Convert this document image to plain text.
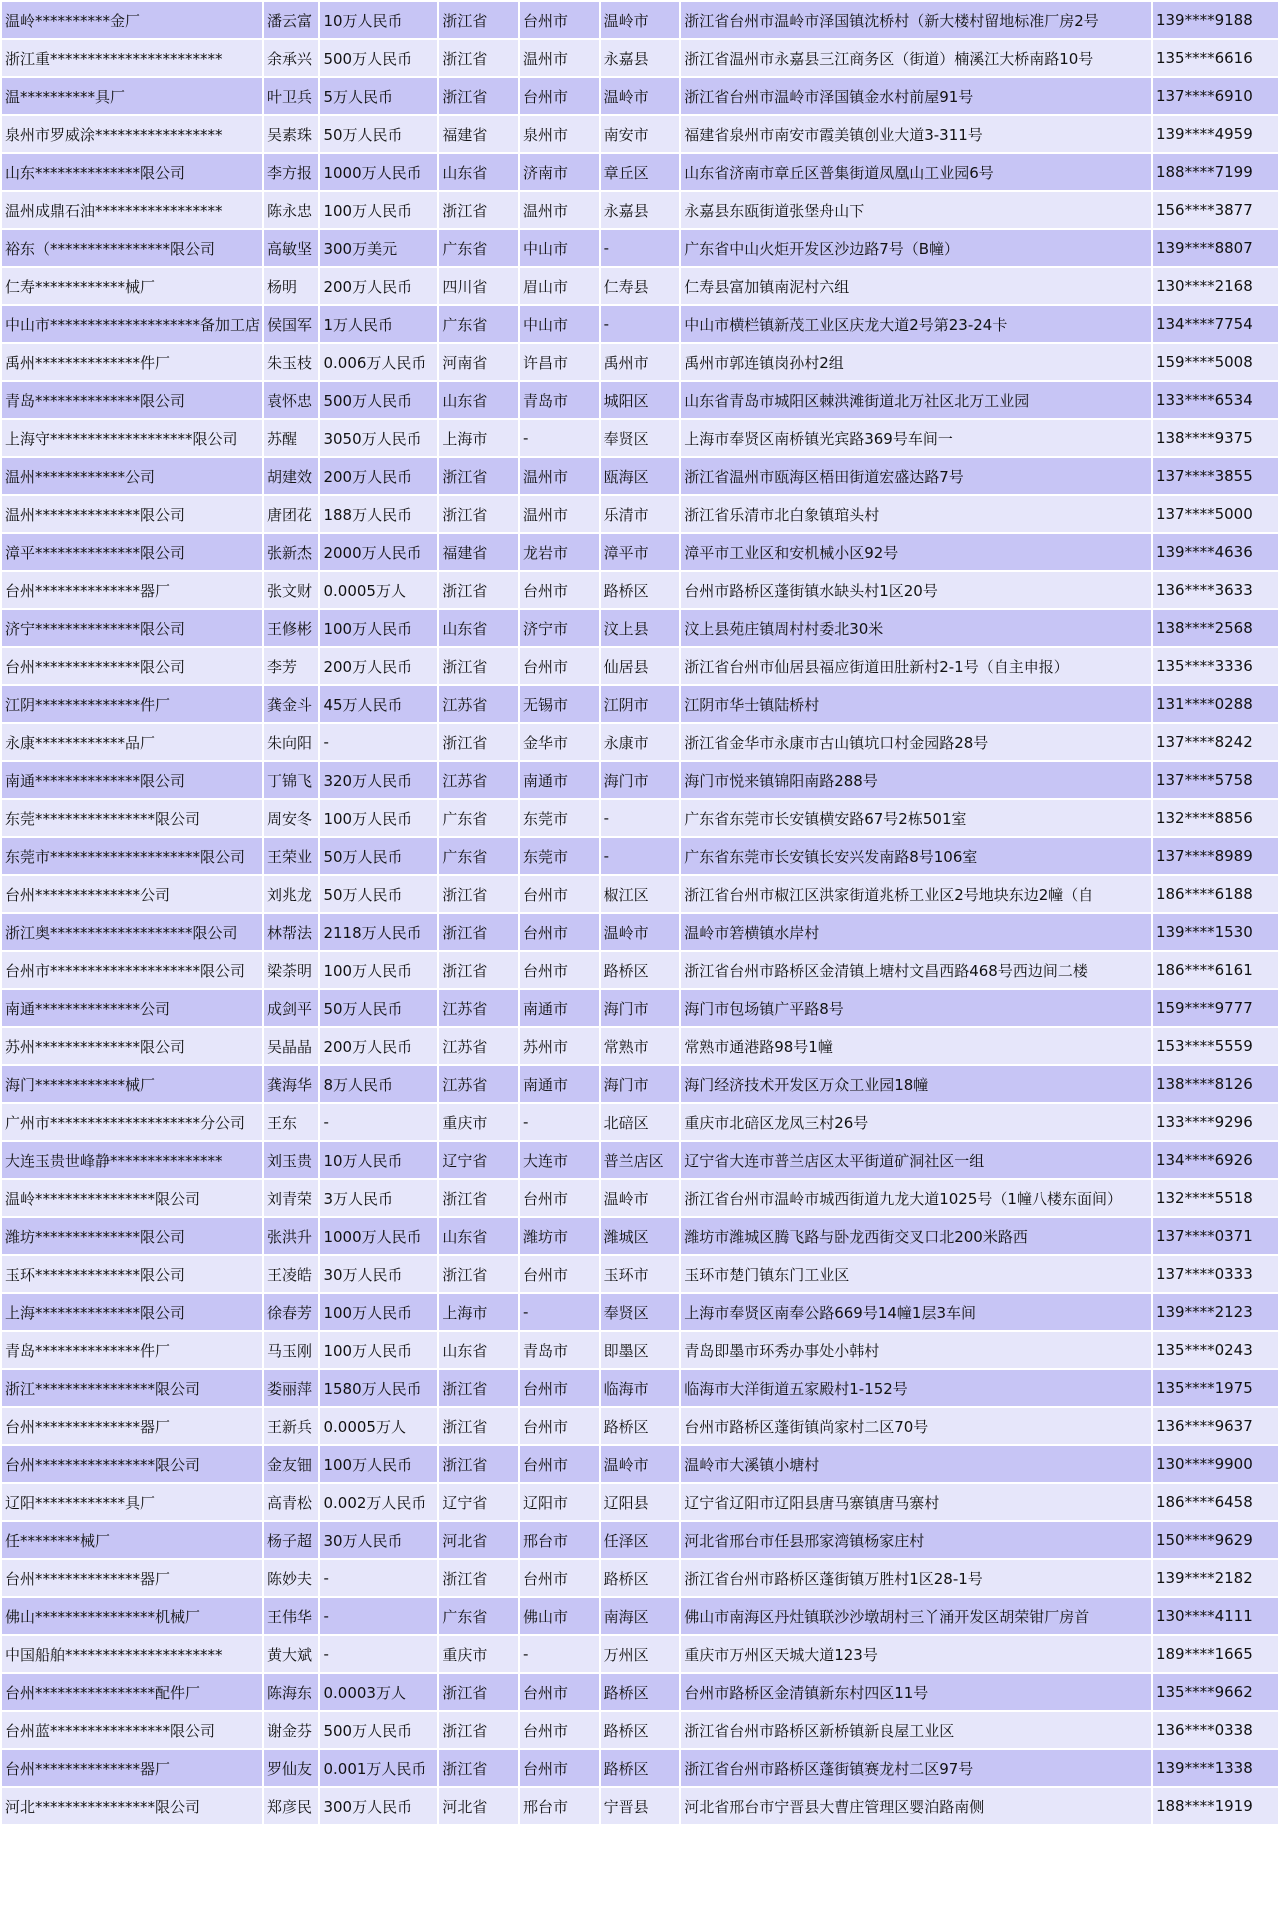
温岭**********金厂	潘云富	10万人民币	浙江省	台州市	温岭市	浙江省台州市温岭市泽国镇沈桥村（新大楼村留地标准厂房2号	139****9188
浙江重***********************	余承兴	500万人民币	浙江省	温州市	永嘉县	浙江省温州市永嘉县三江商务区（街道）楠溪江大桥南路10号	135****6616
温**********具厂	叶卫兵	5万人民币	浙江省	台州市	温岭市	浙江省台州市温岭市泽国镇金水村前屋91号	137****6910
泉州市罗威涂*****************	吴素珠	50万人民币	福建省	泉州市	南安市	福建省泉州市南安市霞美镇创业大道3-311号	139****4959
山东**************限公司	李方报	1000万人民币	山东省	济南市	章丘区	山东省济南市章丘区普集街道凤凰山工业园6号	188****7199
温州成鼎石油*****************	陈永忠	100万人民币	浙江省	温州市	永嘉县	永嘉县东瓯街道张堡舟山下	156****3877
裕东（****************限公司	高敏坚	300万美元	广东省	中山市	-	广东省中山火炬开发区沙边路7号（B幢）	139****8807
仁寿************械厂	杨明	200万人民币	四川省	眉山市	仁寿县	仁寿县富加镇南泥村六组	130****2168
中山市********************备加工店	侯国军	1万人民币	广东省	中山市	-	中山市横栏镇新茂工业区庆龙大道2号第23-24卡	134****7754
禹州**************件厂	朱玉枝	0.006万人民币	河南省	许昌市	禹州市	禹州市郭连镇岗孙村2组	159****5008
青岛**************限公司	袁怀忠	500万人民币	山东省	青岛市	城阳区	山东省青岛市城阳区棘洪滩街道北万社区北万工业园	133****6534
上海守*******************限公司	苏醒	3050万人民币	上海市	-	奉贤区	上海市奉贤区南桥镇光宾路369号车间一	138****9375
温州************公司	胡建效	200万人民币	浙江省	温州市	瓯海区	浙江省温州市瓯海区梧田街道宏盛达路7号	137****3855
温州**************限公司	唐团花	188万人民币	浙江省	温州市	乐清市	浙江省乐清市北白象镇琯头村	137****5000
漳平**************限公司	张新杰	2000万人民币	福建省	龙岩市	漳平市	漳平市工业区和安机械小区92号	139****4636
台州**************器厂	张文财	0.0005万人	浙江省	台州市	路桥区	台州市路桥区蓬街镇水缺头村1区20号	136****3633
济宁**************限公司	王修彬	100万人民币	山东省	济宁市	汶上县	汶上县苑庄镇周村村委北30米	138****2568
台州**************限公司	李芳	200万人民币	浙江省	台州市	仙居县	浙江省台州市仙居县福应街道田肚新村2-1号（自主申报）	135****3336
江阴**************件厂	龚金斗	45万人民币	江苏省	无锡市	江阴市	江阴市华士镇陆桥村	131****0288
永康************品厂	朱向阳	-	浙江省	金华市	永康市	浙江省金华市永康市古山镇坑口村金园路28号	137****8242
南通**************限公司	丁锦飞	320万人民币	江苏省	南通市	海门市	海门市悦来镇锦阳南路288号	137****5758
东莞****************限公司	周安冬	100万人民币	广东省	东莞市	-	广东省东莞市长安镇横安路67号2栋501室	132****8856
东莞市********************限公司	王荣业	50万人民币	广东省	东莞市	-	广东省东莞市长安镇长安兴发南路8号106室	137****8989
台州**************公司	刘兆龙	50万人民币	浙江省	台州市	椒江区	浙江省台州市椒江区洪家街道兆桥工业区2号地块东边2幢（自	186****6188
浙江奥*******************限公司	林帮法	2118万人民币	浙江省	台州市	温岭市	温岭市箬横镇水岸村	139****1530
台州市********************限公司	梁荼明	100万人民币	浙江省	台州市	路桥区	浙江省台州市路桥区金清镇上塘村文昌西路468号西边间二楼	186****6161
南通**************公司	成剑平	50万人民币	江苏省	南通市	海门市	海门市包场镇广平路8号	159****9777
苏州**************限公司	吴晶晶	200万人民币	江苏省	苏州市	常熟市	常熟市通港路98号1幢	153****5559
海门************械厂	龚海华	8万人民币	江苏省	南通市	海门市	海门经济技术开发区万众工业园18幢	138****8126
广州市********************分公司	王东	-	重庆市	-	北碚区	重庆市北碚区龙凤三村26号	133****9296
大连玉贵世峰静***************	刘玉贵	10万人民币	辽宁省	大连市	普兰店区	辽宁省大连市普兰店区太平街道矿洞社区一组	134****6926
温岭****************限公司	刘青荣	3万人民币	浙江省	台州市	温岭市	浙江省台州市温岭市城西街道九龙大道1025号（1幢八楼东面间）	132****5518
潍坊**************限公司	张洪升	1000万人民币	山东省	潍坊市	潍城区	潍坊市潍城区腾飞路与卧龙西街交叉口北200米路西	137****0371
玉环**************限公司	王凌皓	30万人民币	浙江省	台州市	玉环市	玉环市楚门镇东门工业区	137****0333
上海**************限公司	徐春芳	100万人民币	上海市	-	奉贤区	上海市奉贤区南奉公路669号14幢1层3车间	139****2123
青岛**************件厂	马玉刚	100万人民币	山东省	青岛市	即墨区	青岛即墨市环秀办事处小韩村	135****0243
浙江****************限公司	娄丽萍	1580万人民币	浙江省	台州市	临海市	临海市大洋街道五家殿村1-152号	135****1975
台州**************器厂	王新兵	0.0005万人	浙江省	台州市	路桥区	台州市路桥区蓬街镇尚家村二区70号	136****9637
台州****************限公司	金友钿	100万人民币	浙江省	台州市	温岭市	温岭市大溪镇小塘村	130****9900
辽阳************具厂	高青松	0.002万人民币	辽宁省	辽阳市	辽阳县	辽宁省辽阳市辽阳县唐马寨镇唐马寨村	186****6458
任********械厂	杨子超	30万人民币	河北省	邢台市	任泽区	河北省邢台市任县邢家湾镇杨家庄村	150****9629
台州**************器厂	陈妙夫	-	浙江省	台州市	路桥区	浙江省台州市路桥区蓬街镇万胜村1区28-1号	139****2182
佛山****************机械厂	王伟华	-	广东省	佛山市	南海区	佛山市南海区丹灶镇联沙沙墩胡村三丫涌开发区胡荣钳厂房首	130****4111
中国船舶*********************	黄大斌	-	重庆市	-	万州区	重庆市万州区天城大道123号	189****1665
台州****************配件厂	陈海东	0.0003万人	浙江省	台州市	路桥区	台州市路桥区金清镇新东村四区11号	135****9662
台州蓝****************限公司	谢金芬	500万人民币	浙江省	台州市	路桥区	浙江省台州市路桥区新桥镇新良屋工业区	136****0338
台州**************器厂	罗仙友	0.001万人民币	浙江省	台州市	路桥区	浙江省台州市路桥区蓬街镇赛龙村二区97号	139****1338
河北****************限公司	郑彦民	300万人民币	河北省	邢台市	宁晋县	河北省邢台市宁晋县大曹庄管理区婴泊路南侧	188****1919
